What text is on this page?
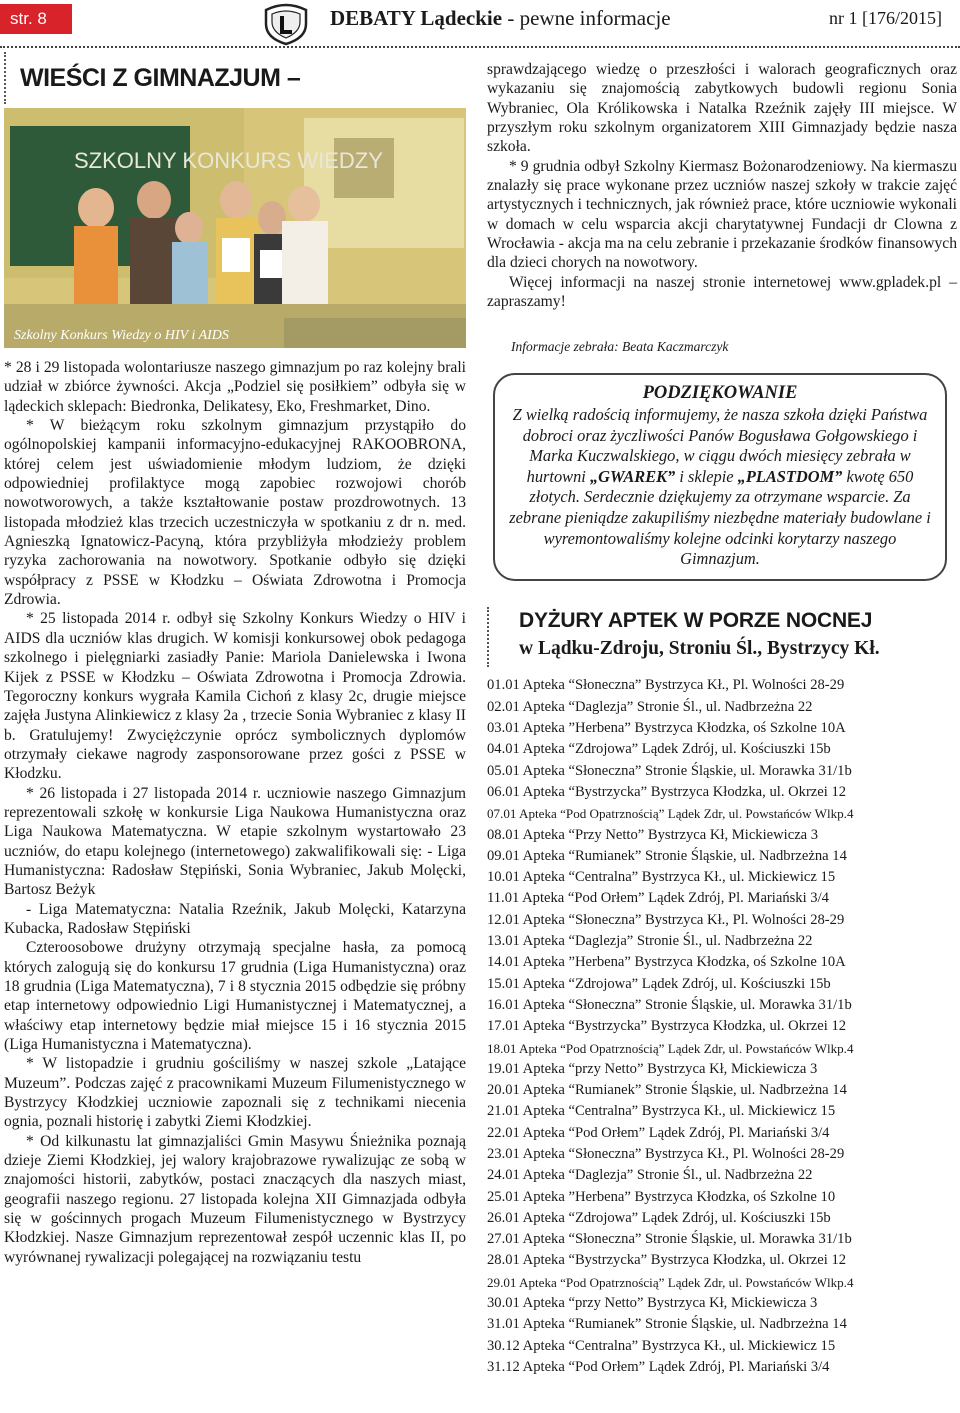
str. 8	DEBATY Lądeckie - pewne informacje	nr 1 [176/2015]
WIEŚCI Z GIMNAZJUM –
SZKOLNY KONKURS WIEDZY
Szkolny Konkurs Wiedzy o HIV i AIDS

* 28 i 29 listopada wolontariusze naszego gimnazjum po raz kolejny brali udział w zbiórce żywności. Akcja „Podziel się posiłkiem” odbyła się w lądeckich sklepach: Biedronka, Delikatesy, Eko, Freshmarket, Dino.

* W bieżącym roku szkolnym gimnazjum przystąpiło do ogólnopolskiej kampanii informacyjno-edukacyjnej RAKOOBRONA, której celem jest uświadomienie młodym ludziom, że dzięki odpowiedniej profilaktyce mogą zapobiec rozwojowi chorób nowotworowych, a także kształtowanie postaw prozdrowotnych. 13 listopada młodzież klas trzecich uczestniczyła w spotkaniu z dr n. med. Agnieszką Ignatowicz-Pacyną, która przybliżyła młodzieży problem ryzyka zachorowania na nowotwory. Spotkanie odbyło się dzięki współpracy z PSSE w Kłodzku – Oświata Zdrowotna i Promocja Zdrowia.

* 25 listopada 2014 r. odbył się Szkolny Konkurs Wiedzy o HIV i AIDS dla uczniów klas drugich. W komisji konkursowej obok pedagoga szkolnego i pielęgniarki zasiadły Panie: Mariola Danielewska i Iwona Kijek z PSSE w Kłodzku – Oświata Zdrowotna i Promocja Zdrowia. Tegoroczny konkurs wygrała Kamila Cichoń z klasy 2c, drugie miejsce zajęła Justyna Alinkiewicz z klasy 2a , trzecie Sonia Wybraniec z klasy II b. Gratulujemy! Zwyciężczynie oprócz symbolicznych dyplomów otrzymały ciekawe nagrody zasponsorowane przez gości z PSSE w Kłodzku.

* 26 listopada i 27 listopada 2014 r. uczniowie naszego Gimnazjum reprezentowali szkołę w konkursie Liga Naukowa Humanistyczna oraz Liga Naukowa Matematyczna. W etapie szkolnym wystartowało 23 uczniów, do etapu kolejnego (internetowego) zakwalifikowali się: - Liga Humanistyczna: Radosław Stępiński, Sonia Wybraniec, Jakub Molęcki, Bartosz Beżyk

- Liga Matematyczna: Natalia Rzeźnik, Jakub Molęcki, Katarzyna Kubacka, Radosław Stępiński

Czteroosobowe drużyny otrzymają specjalne hasła, za pomocą których zalogują się do konkursu 17 grudnia (Liga Humanistyczna) oraz 18 grudnia (Liga Matematyczna), 7 i 8 stycznia 2015 odbędzie się próbny etap internetowy odpowiednio Ligi Humanistycznej i Matematycznej, a właściwy etap internetowy będzie miał miejsce 15 i 16 stycznia 2015 (Liga Humanistyczna i Matematyczna).

* W listopadzie i grudniu gościliśmy w naszej szkole „Latające Muzeum”. Podczas zajęć z pracownikami Muzeum Filumenistycznego w Bystrzycy Kłodzkiej uczniowie zapoznali się z technikami niecenia ognia, poznali historię i zabytki Ziemi Kłodzkiej.

* Od kilkunastu lat gimnazjaliści Gmin Masywu Śnieżnika poznają dzieje Ziemi Kłodzkiej, jej walory krajobrazowe rywalizując ze sobą w znajomości historii, zabytków, postaci znaczących dla naszych miast, geografii naszego regionu. 27 listopada kolejna XII Gimnazjada odbyła się w gościnnych progach Muzeum Filumenistycznego w Bystrzycy Kłodzkiej. Nasze Gimnazjum reprezentował zespół uczennic klas II, po wyrównanej rywalizacji polegającej na rozwiązaniu testu

sprawdzającego wiedzę o przeszłości i walorach geograficznych oraz wykazaniu się znajomością zabytkowych budowli regionu Sonia Wybraniec, Ola Królikowska i Natalka Rzeźnik zajęły III miejsce. W przyszłym roku szkolnym organizatorem XIII Gimnazjady będzie nasza szkoła.

* 9 grudnia odbył Szkolny Kiermasz Bożonarodzeniowy. Na kiermaszu znalazły się prace wykonane przez uczniów naszej szkoły w trakcie zajęć artystycznych i technicznych, jak również prace, które uczniowie wykonali w domach w celu wsparcia akcji charytatywnej Fundacji dr Clowna z Wrocławia - akcja ma na celu zebranie i przekazanie środków finansowych dla dzieci chorych na nowotwory.

Więcej informacji na naszej stronie internetowej www.gpladek.pl – zapraszamy!

Informacje zebrała: Beata Kaczmarczyk
PODZIĘKOWANIE
Z wielką radością informujemy, że nasza szkoła dzięki Państwa dobroci oraz życzliwości Panów Bogusława Gołgowskiego i Marka Kuczwalskiego, w ciągu dwóch miesięcy zebrała w hurtowni „GWAREK” i sklepie „PLASTDOM” kwotę 650 złotych. Serdecznie dziękujemy za otrzymane wsparcie. Za zebrane pieniądze zakupiliśmy niezbędne materiały budowlane i wyremontowaliśmy kolejne odcinki korytarzy naszego Gimnazjum.
DYŻURY APTEK W PORZE NOCNEJ
w Lądku-Zdroju, Stroniu Śl., Bystrzycy Kł.
01.01 Apteka “Słoneczna” Bystrzyca Kł., Pl. Wolności 28-29
02.01 Apteka “Daglezja” Stronie Śl., ul. Nadbrzeżna 22
03.01 Apteka ”Herbena” Bystrzyca Kłodzka, oś Szkolne 10A
04.01 Apteka “Zdrojowa” Lądek Zdrój, ul. Kościuszki 15b
05.01 Apteka “Słoneczna” Stronie Śląskie, ul. Morawka 31/1b
06.01 Apteka “Bystrzycka” Bystrzyca Kłodzka, ul. Okrzei 12
07.01 Apteka “Pod Opatrznością” Lądek Zdr, ul. Powstańców Wlkp.4
08.01 Apteka “Przy Netto” Bystrzyca Kł, Mickiewicza 3
09.01 Apteka “Rumianek” Stronie Śląskie, ul. Nadbrzeżna 14
10.01 Apteka “Centralna” Bystrzyca Kł., ul. Mickiewicz 15
11.01 Apteka “Pod Orłem” Lądek Zdrój, Pl. Mariański 3/4
12.01 Apteka “Słoneczna” Bystrzyca Kł., Pl. Wolności 28-29
13.01 Apteka “Daglezja” Stronie Śl., ul. Nadbrzeżna 22
14.01 Apteka ”Herbena” Bystrzyca Kłodzka, oś Szkolne 10A
15.01 Apteka “Zdrojowa” Lądek Zdrój, ul. Kościuszki 15b
16.01 Apteka “Słoneczna” Stronie Śląskie, ul. Morawka 31/1b
17.01 Apteka “Bystrzycka” Bystrzyca Kłodzka, ul. Okrzei 12
18.01 Apteka “Pod Opatrznością” Lądek Zdr, ul. Powstańców Wlkp.4
19.01 Apteka “przy Netto” Bystrzyca Kł, Mickiewicza 3
20.01 Apteka “Rumianek” Stronie Śląskie, ul. Nadbrzeżna 14
21.01 Apteka “Centralna” Bystrzyca Kł., ul. Mickiewicz 15
22.01 Apteka “Pod Orłem” Lądek Zdrój, Pl. Mariański 3/4
23.01 Apteka “Słoneczna” Bystrzyca Kł., Pl. Wolności 28-29
24.01 Apteka “Daglezja” Stronie Śl., ul. Nadbrzeżna 22
25.01 Apteka ”Herbena” Bystrzyca Kłodzka, oś Szkolne 10
26.01 Apteka “Zdrojowa” Lądek Zdrój, ul. Kościuszki 15b
27.01 Apteka “Słoneczna” Stronie Śląskie, ul. Morawka 31/1b
28.01 Apteka “Bystrzycka” Bystrzyca Kłodzka, ul. Okrzei 12
29.01 Apteka “Pod Opatrznością” Lądek Zdr, ul. Powstańców Wlkp.4
30.01 Apteka “przy Netto” Bystrzyca Kł, Mickiewicza 3
31.01 Apteka “Rumianek” Stronie Śląskie, ul. Nadbrzeżna 14
30.12 Apteka “Centralna” Bystrzyca Kł., ul. Mickiewicz 15
31.12 Apteka “Pod Orłem” Lądek Zdrój, Pl. Mariański 3/4
